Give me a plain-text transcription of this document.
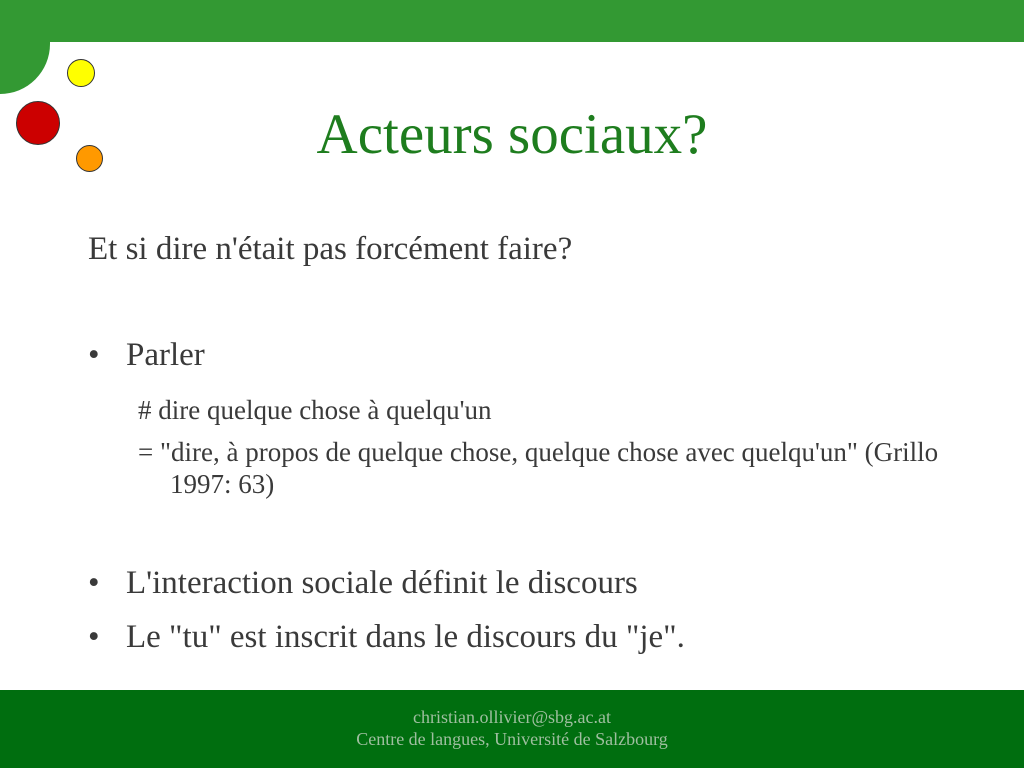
Acteurs sociaux?

Et si dire n'était pas forcément faire?

• Parler
# dire quelque chose à quelqu'un
= "dire, à propos de quelque chose, quelque chose avec quelqu'un" (Grillo 1997: 63)
• L'interaction sociale définit le discours
• Le "tu" est inscrit dans le discours du "je".
christian.ollivier@sbg.ac.at
Centre de langues, Université de Salzbourg
